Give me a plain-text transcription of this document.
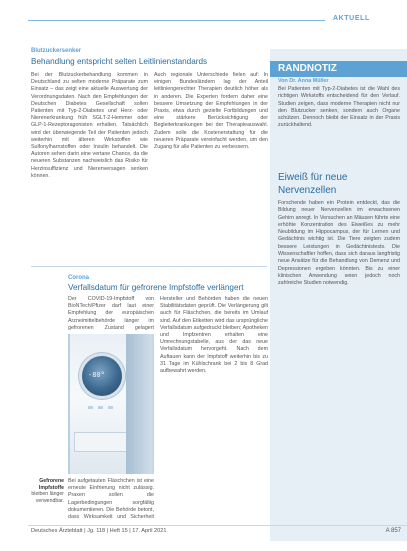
AKTUELL
Blutzuckersenker
Behandlung entspricht selten Leitlinienstandards
Bei der Blutzuckerbehandlung kommen in Deutschland zu selten moderne Präparate zum Einsatz – das zeigt eine aktuelle Auswertung der Verordnungsdaten. Nach den Empfehlungen der Deutschen Diabetes Gesellschaft sollen Patienten mit Typ-2-Diabetes und Herz- oder Nierenerkrankung früh SGLT-2-Hemmer oder GLP-1-Rezeptoragonisten erhalten. Tatsächlich wird der überwiegende Teil der Patienten jedoch weiterhin mit älteren Wirkstoffen wie Sulfonylharnstoffen oder Insulin behandelt. Die Autoren sehen darin eine vertane Chance, da die neueren Substanzen nachweislich das Risiko für Herzinsuffizienz und Nierenversagen senken können.
Auch regionale Unterschiede fielen auf: In einigen Bundesländern lag der Anteil leitliniengerechter Therapien deutlich höher als in anderen. Die Experten fordern daher eine bessere Umsetzung der Empfehlungen in der Praxis, etwa durch gezielte Fortbildungen und eine stärkere Berücksichtigung der Begleiterkrankungen bei der Therapieauswahl. Zudem solle die Kostenerstattung für die neueren Präparate vereinfacht werden, um den Zugang für alle Patienten zu verbessern.
Corona
Verfallsdatum für gefrorene Impfstoffe verlängert
Der COVID-19-Impfstoff von BioNTech/Pfizer darf laut einer Empfehlung der europäischen Arzneimittelbehörde länger im gefrorenen Zustand gelagert
Hersteller und Behörden haben die neuen Stabilitätsdaten geprüft. Die Verlängerung gilt auch für Fläschchen, die bereits im Umlauf sind. Auf den Etiketten wird das ursprüngliche Verfallsdatum aufgedruckt bleiben; Apotheken und Impfzentren erhalten eine Umrechnungstabelle, aus der das neue Verfallsdatum hervorgeht. Nach dem Auftauen kann der Impfstoff weiterhin bis zu 31 Tage im Kühlschrank bei 2 bis 8 Grad aufbewahrt werden.
-80°
Gefrorene Impfstoffe
bleiben länger verwendbar.
Bei aufgetauten Fläschchen ist eine erneute Einfrierung nicht zulässig. Praxen sollen die Lagerbedingungen sorgfältig dokumentieren. Die Behörde betont, dass Wirksamkeit und Sicherheit
RANDNOTIZ
Von Dr. Anna Müller
Bei Patienten mit Typ-2-Diabetes ist die Wahl des richtigen Wirkstoffs entscheidend für den Verlauf. Studien zeigen, dass moderne Therapien nicht nur den Blutzucker senken, sondern auch Organe schützen. Dennoch bleibt der Einsatz in der Praxis zurückhaltend.
Eiweiß für neue Nervenzellen
Forschende haben ein Protein entdeckt, das die Bildung neuer Nervenzellen im erwachsenen Gehirn anregt. In Versuchen an Mäusen führte eine erhöhte Konzentration des Eiweißes zu mehr Neubildung im Hippocampus, der für Lernen und Gedächtnis wichtig ist. Die Tiere zeigten zudem bessere Leistungen in Gedächtnistests. Die Wissenschaftler hoffen, dass sich daraus langfristig neue Ansätze für die Behandlung von Demenz und Depressionen ergeben könnten. Bis zu einer klinischen Anwendung seien jedoch noch zahlreiche Studien notwendig.
Deutsches Ärzteblatt | Jg. 118 | Heft 15 | 17. April 2021	A 857
